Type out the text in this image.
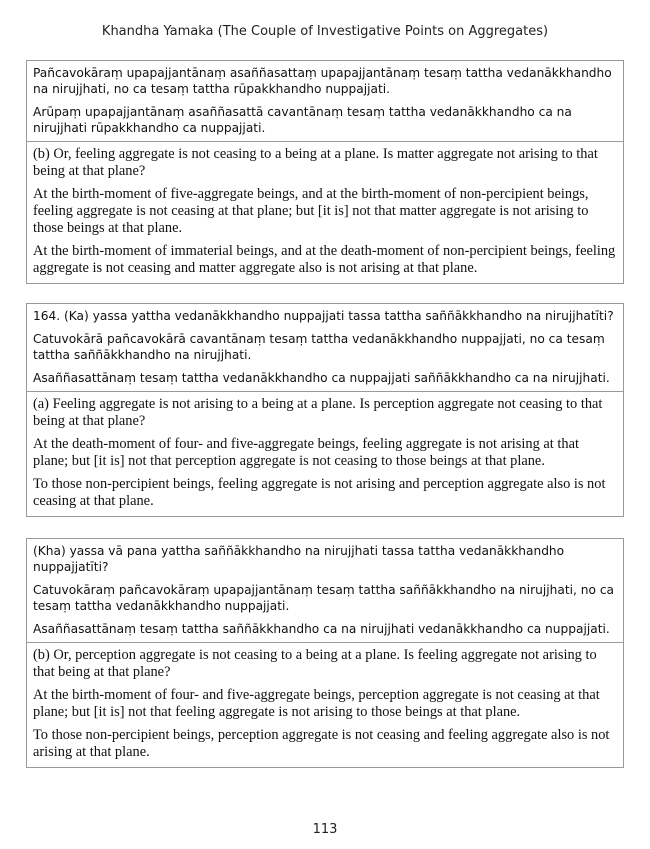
Khandha Yamaka (The Couple of Investigative Points on Aggregates)

Pañcavokāraṃ upapajjantānaṃ asaññasattaṃ upapajjantānaṃ tesaṃ tattha vedanākkhandho na nirujjhati, no ca tesaṃ tattha rūpakkhandho nuppajjati.

Arūpaṃ upapajjantānaṃ asaññasattā cavantānaṃ tesaṃ tattha vedanākkhandho ca na nirujjhati rūpakkhandho ca nuppajjati.

(b) Or, feeling aggregate is not ceasing to a being at a plane. Is matter aggregate not arising to that being at that plane?

At the birth-moment of five-aggregate beings, and at the birth-moment of non-percipient beings, feeling aggregate is not ceasing at that plane; but [it is] not that matter aggregate is not arising to those beings at that plane.

At the birth-moment of immaterial beings, and at the death-moment of non-percipient beings, feeling aggregate is not ceasing and matter aggregate also is not arising at that plane.

164. (Ka) yassa yattha vedanākkhandho nuppajjati tassa tattha saññākkhandho na nirujjhatīti?

Catuvokārā pañcavokārā cavantānaṃ tesaṃ tattha vedanākkhandho nuppajjati, no ca tesaṃ tattha saññākkhandho na nirujjhati.

Asaññasattānaṃ tesaṃ tattha vedanākkhandho ca nuppajjati saññākkhandho ca na nirujjhati.

(a) Feeling aggregate is not arising to a being at a plane. Is perception aggregate not ceasing to that being at that plane?

At the death-moment of four- and five-aggregate beings, feeling aggregate is not arising at that plane; but [it is] not that perception aggregate is not ceasing to those beings at that plane.

To those non-percipient beings, feeling aggregate is not arising and perception aggregate also is not ceasing at that plane.

(Kha) yassa vā pana yattha saññākkhandho na nirujjhati tassa tattha vedanākkhandho nuppajjatīti?

Catuvokāraṃ pañcavokāraṃ upapajjantānaṃ tesaṃ tattha saññākkhandho na nirujjhati, no ca tesaṃ tattha vedanākkhandho nuppajjati.

Asaññasattānaṃ tesaṃ tattha saññākkhandho ca na nirujjhati vedanākkhandho ca nuppajjati.

(b) Or, perception aggregate is not ceasing to a being at a plane. Is feeling aggregate not arising to that being at that plane?

At the birth-moment of four- and five-aggregate beings, perception aggregate is not ceasing at that plane; but [it is] not that feeling aggregate is not arising to those beings at that plane.

To those non-percipient beings, perception aggregate is not ceasing and feeling aggregate also is not arising at that plane.

113
